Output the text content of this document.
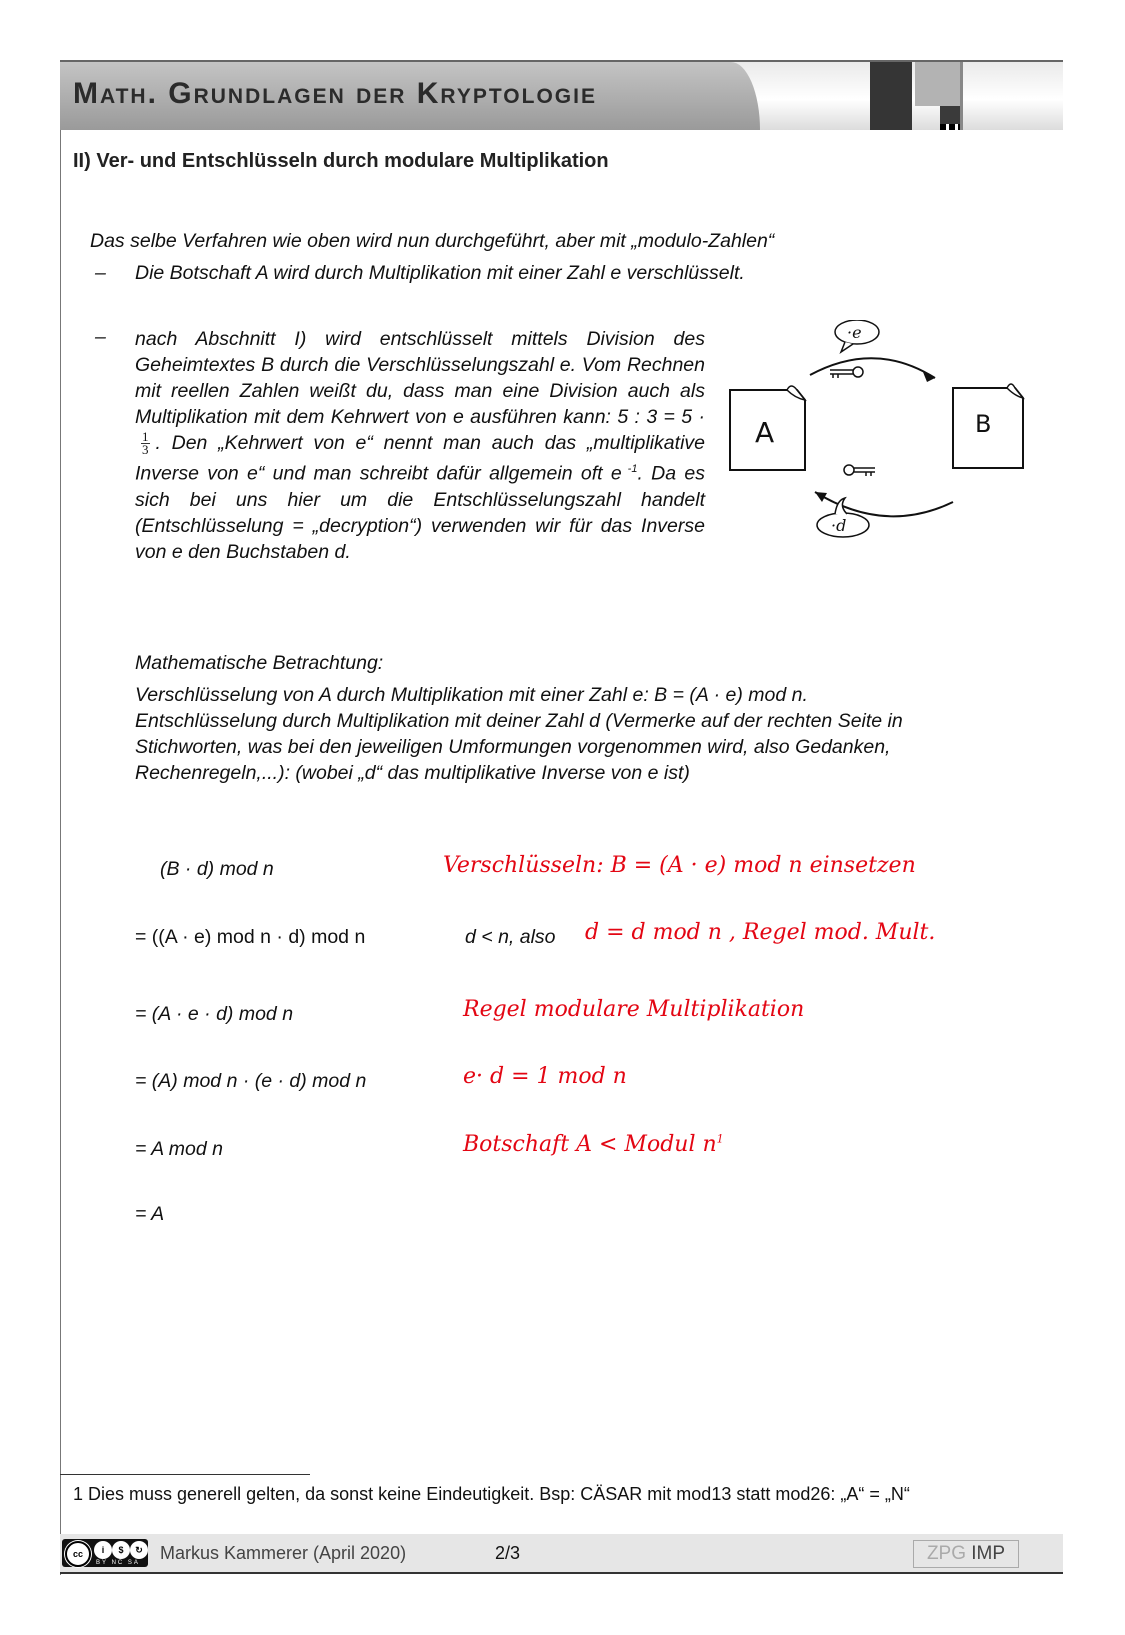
Math. Grundlagen der Kryptologie
II) Ver- und Entschlüsseln durch modulare Multiplikation
Das selbe Verfahren wie oben wird nun durchgeführt, aber mit „modulo-Zahlen“
– Die Botschaft A wird durch Multiplikation mit einer Zahl e verschlüsselt.
– nach Abschnitt I) wird entschlüsselt mittels Division des Geheimtextes B durch die Verschlüsselungszahl e. Vom Rechnen mit reellen Zahlen weißt du, dass man eine Division auch als Multiplikation mit dem Kehrwert von e ausführen kann: 5 : 3 = 5 ·
$\frac{1}{3}$ . Den „Kehrwert von e“ nennt man auch das „multiplikative Inverse von e“ und man schreibt dafür allgemein oft e $^{-1}$. Da es sich bei uns hier um die Entschlüsselungszahl handelt (Entschlüsselung = „decryption“) verwenden wir für das Inverse von e den Buchstaben d.
A	B
·e
·d
Mathematische Betrachtung:
Verschlüsselung von A durch Multiplikation mit einer Zahl e: B = (A · e) mod n.
Entschlüsselung durch Multiplikation mit deiner Zahl d (Vermerke auf der rechten Seite in
Stichworten, was bei den jeweiligen Umformungen vorgenommen wird, also Gedanken,
Rechenregeln,...): (wobei „d“ das multiplikative Inverse von e ist)
(B · d) mod n	Verschlüsseln: B = (A · e) mod n einsetzen
= ((A · e) mod n · d) mod n	d < n, also d = d mod n , Regel mod. Mult.
= (A · e · d) mod n	Regel modulare Multiplikation
= (A) mod n · (e · d) mod n	e· d = 1 mod n
= A mod n	Botschaft A < Modul $n^1$
= A
1 Dies muss generell gelten, da sonst keine Eindeutigkeit. Bsp: CÄSAR mit mod13 statt mod26: „A“ = „N“
cc	i	$	↻
BY NC SA Markus Kammerer (April 2020)	2/3	ZPG IMP
